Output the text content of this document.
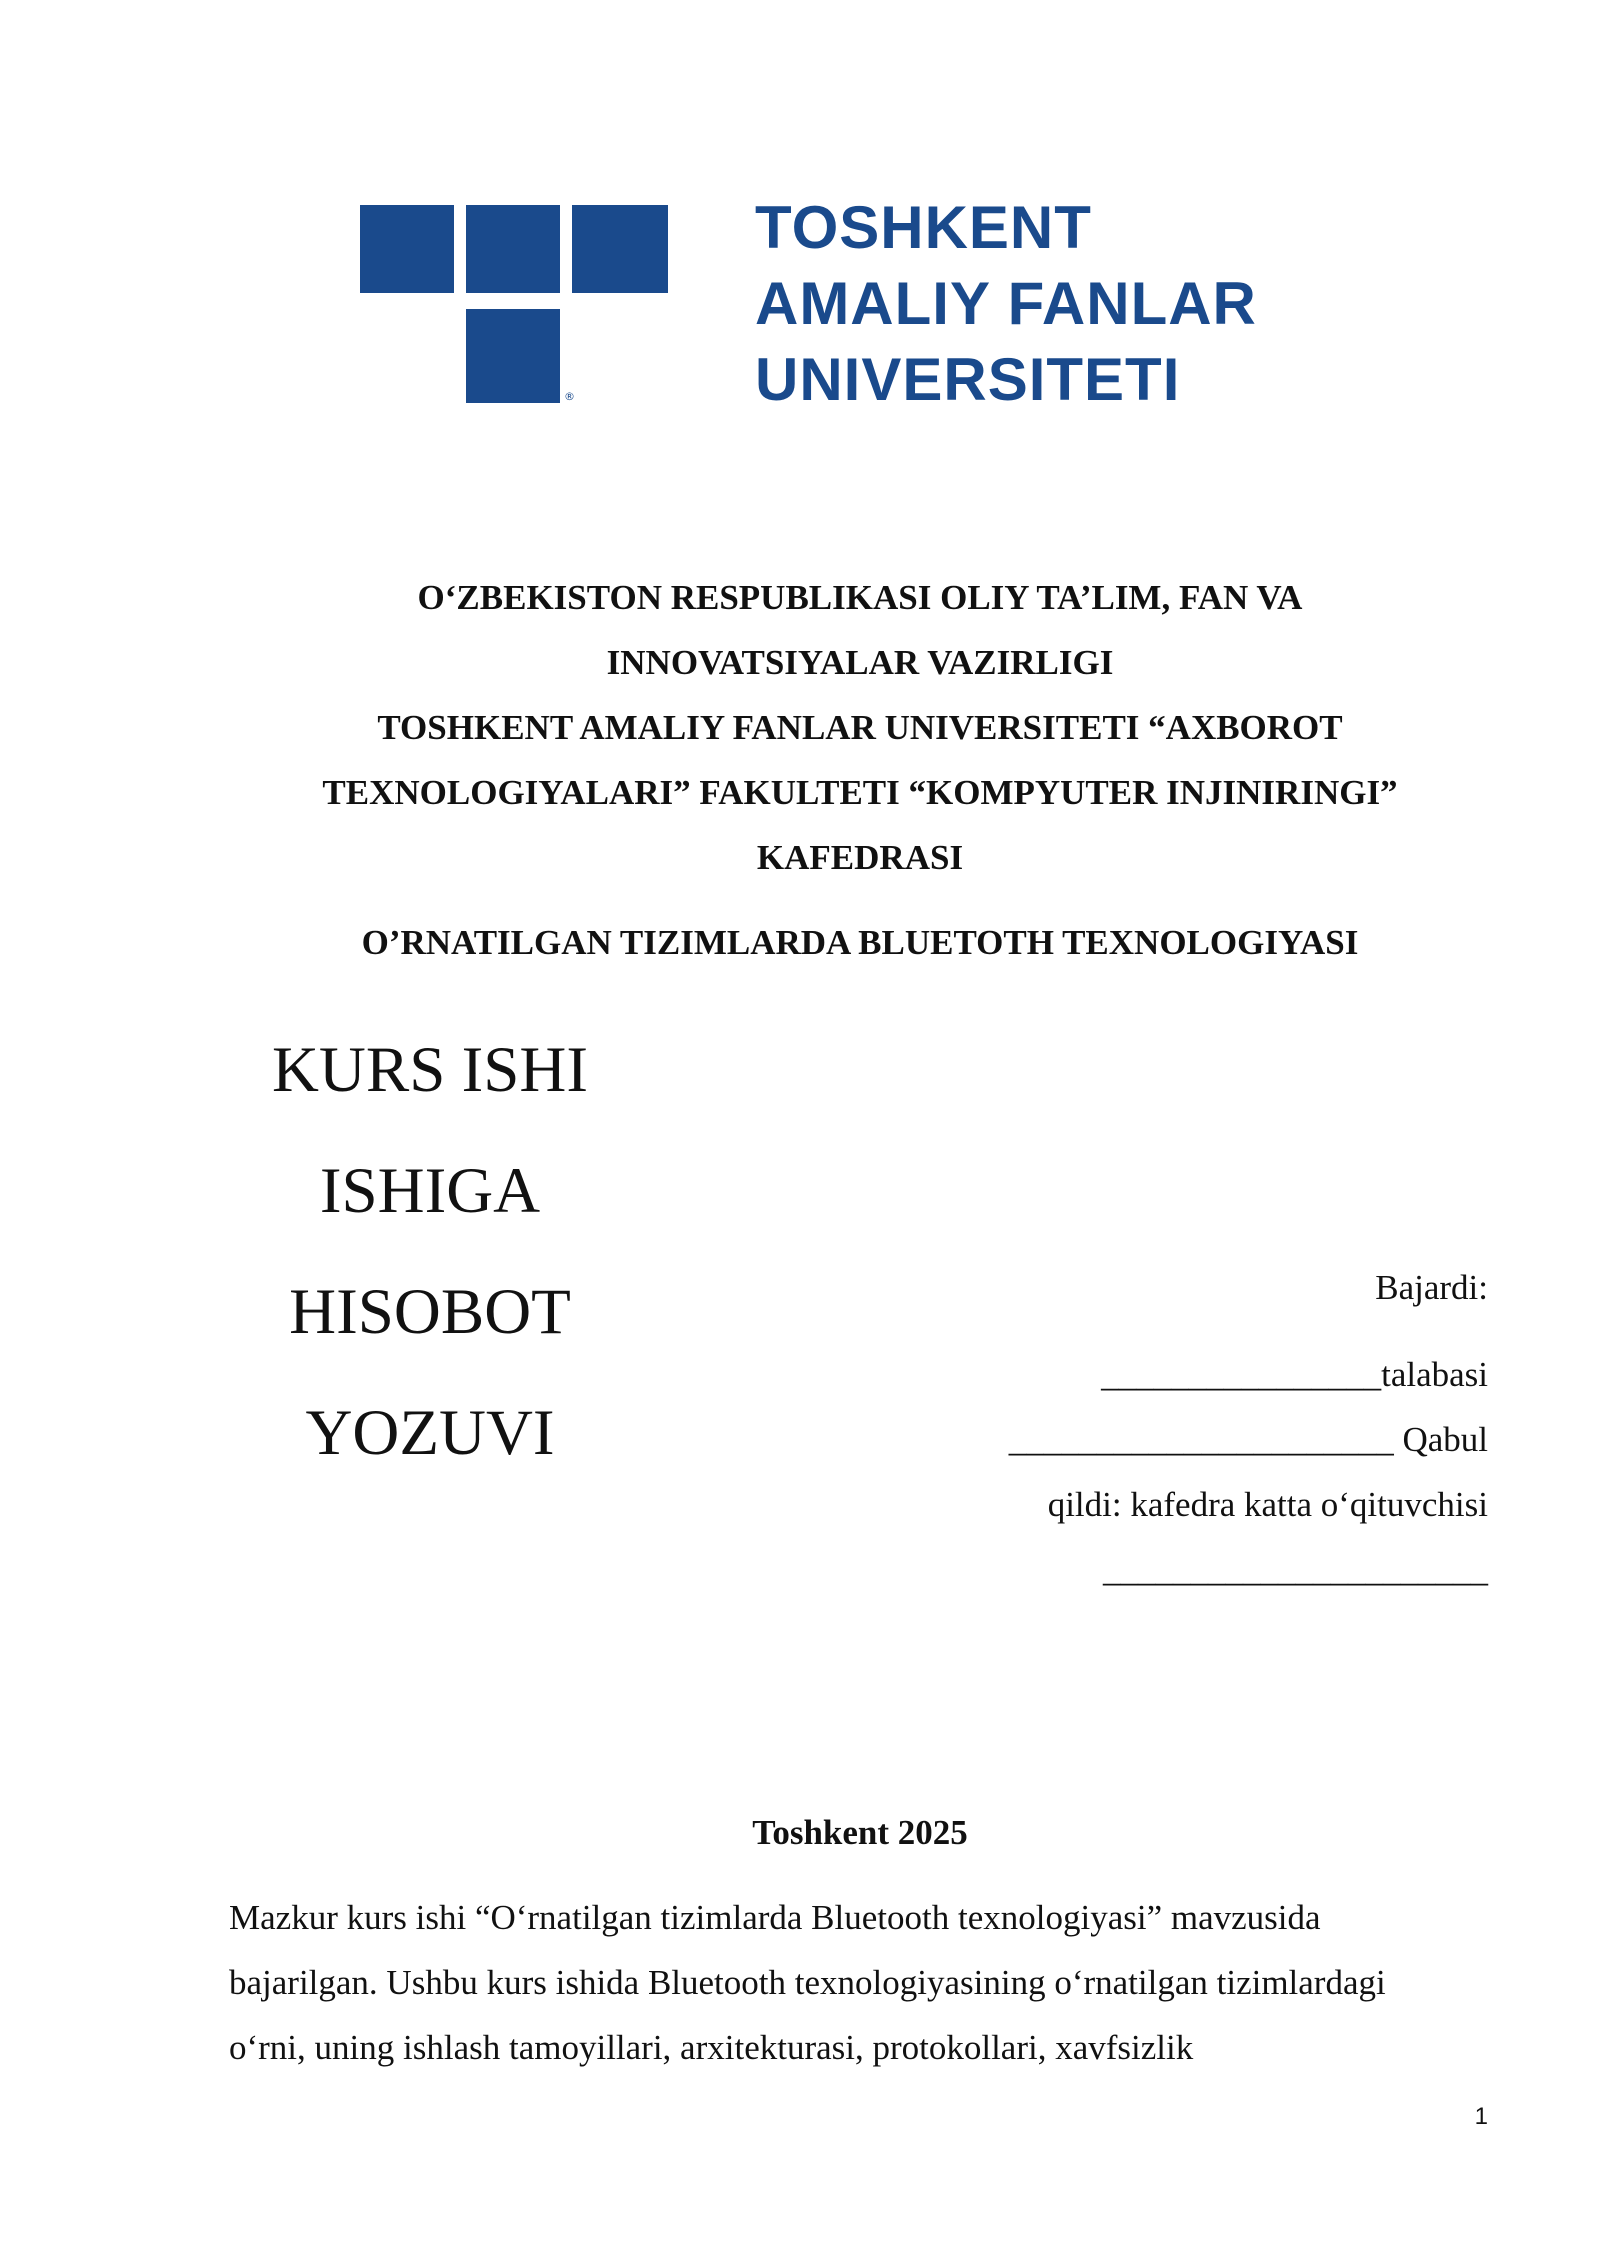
®
TOSHKENT
AMALIY FANLAR
UNIVERSITETI
O‘ZBEKISTON RESPUBLIKASI OLIY TA’LIM, FAN VA
INNOVATSIYALAR VAZIRLIGI
TOSHKENT AMALIY FANLAR UNIVERSITETI “AXBOROT
TEXNOLOGIYALARI” FAKULTETI “KOMPYUTER INJINIRINGI”
KAFEDRASI
O’RNATILGAN TIZIMLARDA BLUETOTH TEXNOLOGIYASI
KURS ISHI
ISHIGA
HISOBOT
YOZUVI
Bajardi:
________________talabasi
______________________ Qabul
qildi: kafedra katta o‘qituvchisi
______________________
Toshkent 2025
Mazkur kurs ishi “O‘rnatilgan tizimlarda Bluetooth texnologiyasi” mavzusida
bajarilgan. Ushbu kurs ishida Bluetooth texnologiyasining o‘rnatilgan tizimlardagi
o‘rni, uning ishlash tamoyillari, arxitekturasi, protokollari, xavfsizlik
1
